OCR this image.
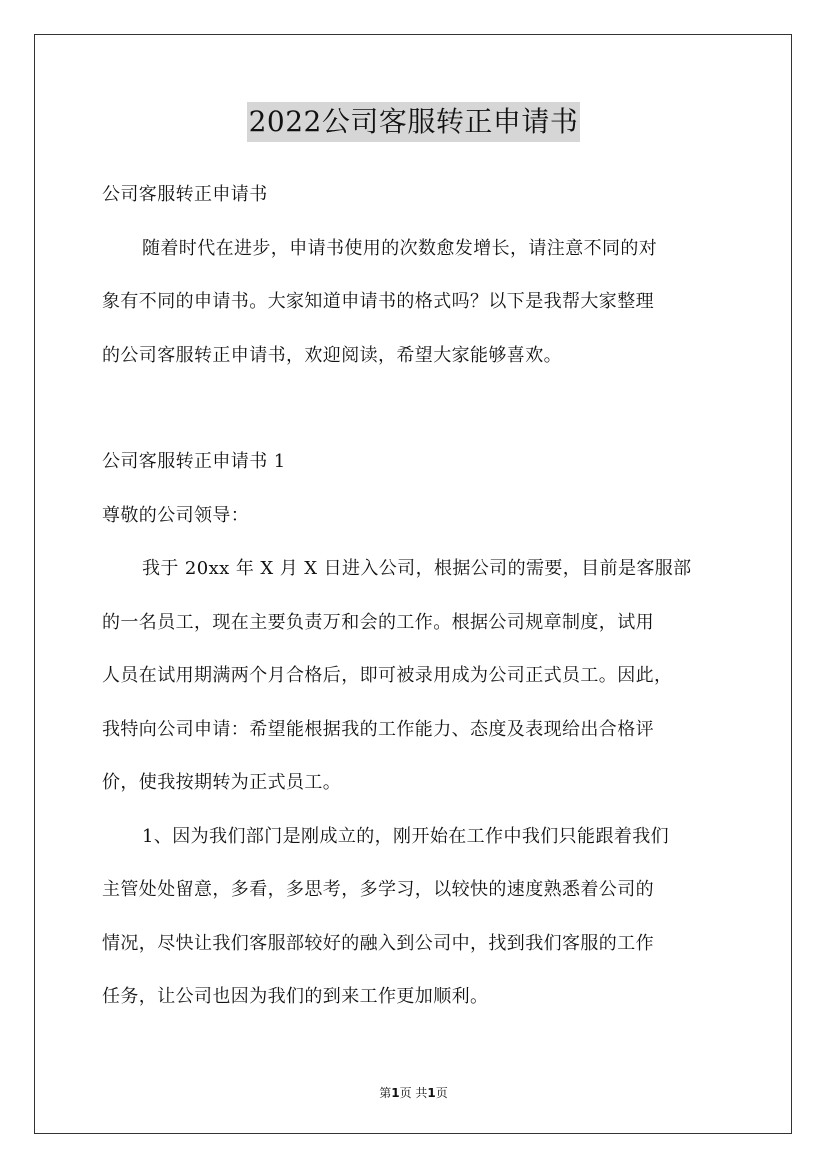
2022公司客服转正申请书
公司客服转正申请书
随着时代在进步，申请书使用的次数愈发增长，请注意不同的对
象有不同的申请书。大家知道申请书的格式吗？以下是我帮大家整理
的公司客服转正申请书，欢迎阅读，希望大家能够喜欢。
公司客服转正申请书 1
尊敬的公司领导：
我于 20xx 年 X 月 X 日进入公司，根据公司的需要，目前是客服部
的一名员工，现在主要负责万和会的工作。根据公司规章制度，试用
人员在试用期满两个月合格后，即可被录用成为公司正式员工。因此，
我特向公司申请：希望能根据我的工作能力、态度及表现给出合格评
价，使我按期转为正式员工。
1、因为我们部门是刚成立的，刚开始在工作中我们只能跟着我们
主管处处留意，多看，多思考，多学习，以较快的速度熟悉着公司的
情况，尽快让我们客服部较好的融入到公司中，找到我们客服的工作
任务，让公司也因为我们的到来工作更加顺利。
第1页 共1页
